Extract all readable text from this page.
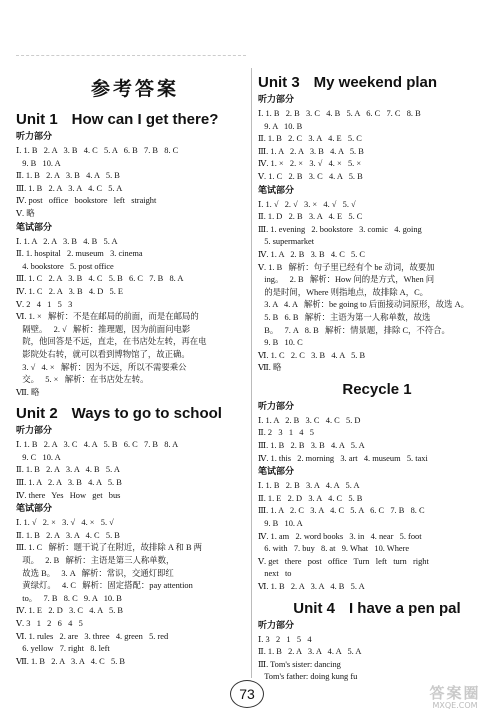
参考答案
Unit 1 How can I get there?
听力部分
Ⅰ. 1. B   2. A   3. B   4. C   5. A   6. B   7. B   8. C
9. B   10. A
Ⅱ. 1. B   2. A   3. B   4. A   5. B
Ⅲ. 1. B   2. A   3. A   4. C   5. A
Ⅳ. post   office   bookstore   left   straight
Ⅴ. 略
笔试部分
Ⅰ. 1. A   2. A   3. B   4. B   5. A
Ⅱ. 1. hospital   2. museum   3. cinema
4. bookstore   5. post office
Ⅲ. 1. C   2. A   3. B   4. C   5. B   6. C   7. B   8. A
Ⅳ. 1. C   2. A   3. B   4. D   5. E
Ⅴ. 2   4   1   5   3
Ⅵ. 1. ×   解析：不是在邮局的前面，而是在邮局的
隔壁。   2. √   解析：推理题，因为前面问电影
院，他回答是不远，直走，在书店处左转，再在电
影院处右转，就可以看到博物馆了，故正确。
3. √   4. ×   解析：因为不远，所以不需要乘公
交。   5. ×   解析：在书店处左转。
Ⅶ. 略
Unit 2 Ways to go to school
听力部分
Ⅰ. 1. B   2. A   3. C   4. A   5. B   6. C   7. B   8. A
9. C   10. A
Ⅱ. 1. B   2. A   3. A   4. B   5. A
Ⅲ. 1. A   2. A   3. B   4. A   5. B
Ⅳ. there   Yes   How   get   bus
笔试部分
Ⅰ. 1. √   2. ×   3. √   4. ×   5. √
Ⅱ. 1. B   2. A   3. A   4. C   5. B
Ⅲ. 1. C   解析：题干说了在附近，故排除 A 和 B 两
项。   2. B   解析：主语是第三人称单数，
故选 B。   3. A   解析：常识，交通灯即红
黄绿灯。   4. C   解析：固定搭配：pay attention
to。   7. B   8. C   9. A   10. B
Ⅳ. 1. E   2. D   3. C   4. A   5. B
Ⅴ. 3   1   2   6   4   5
Ⅵ. 1. rules   2. are   3. three   4. green   5. red
6. yellow   7. right   8. left
Ⅶ. 1. B   2. A   3. A   4. C   5. B
Unit 3 My weekend plan
听力部分
Ⅰ. 1. B   2. B   3. C   4. B   5. A   6. C   7. C   8. B
9. A   10. B
Ⅱ. 1. B   2. C   3. A   4. E   5. C
Ⅲ. 1. A   2. A   3. B   4. A   5. B
Ⅳ. 1. ×   2. ×   3. √   4. ×   5. ×
Ⅴ. 1. C   2. B   3. C   4. A   5. B
笔试部分
Ⅰ. 1. √   2. √   3. ×   4. √   5. √
Ⅱ. 1. D   2. B   3. A   4. E   5. C
Ⅲ. 1. evening   2. bookstore   3. comic   4. going
5. supermarket
Ⅳ. 1. A   2. B   3. B   4. C   5. C
Ⅴ. 1. B   解析：句子里已经有个 be 动词，故要加
ing。   2. B   解析：How 问的是方式，When 问
的是时间，Where 则指地点，故排除 A，C。
3. A   4. A   解析：be going to 后面接动词原形，故选 A。
5. B   6. B   解析：主语为第一人称单数，故选
B。   7. A   8. B   解析：情景题，排除 C，不符合。
9. B   10. C
Ⅵ. 1. C   2. C   3. B   4. A   5. B
Ⅶ. 略
Recycle 1
听力部分
Ⅰ. 1. A   2. B   3. C   4. C   5. D
Ⅱ. 2   3   1   4   5
Ⅲ. 1. B   2. B   3. B   4. A   5. A
Ⅳ. 1. this   2. morning   3. art   4. museum   5. taxi
笔试部分
Ⅰ. 1. B   2. B   3. A   4. A   5. A
Ⅱ. 1. E   2. D   3. A   4. C   5. B
Ⅲ. 1. A   2. C   3. A   4. C   5. A   6. C   7. B   8. C
9. B   10. A
Ⅳ. 1. am   2. word books   3. in   4. near   5. foot
6. with   7. buy   8. at   9. What   10. Where
Ⅴ. get   there   post   office   Turn   left   turn   right
next   to
Ⅵ. 1. B   2. A   3. A   4. B   5. A
Unit 4 I have a pen pal
听力部分
Ⅰ. 3   2   1   5   4
Ⅱ. 1. B   2. A   3. A   4. A   5. A
Ⅲ. Tom's sister: dancing
Tom's father: doing kung fu
73	答案圈
MXQE.COM
